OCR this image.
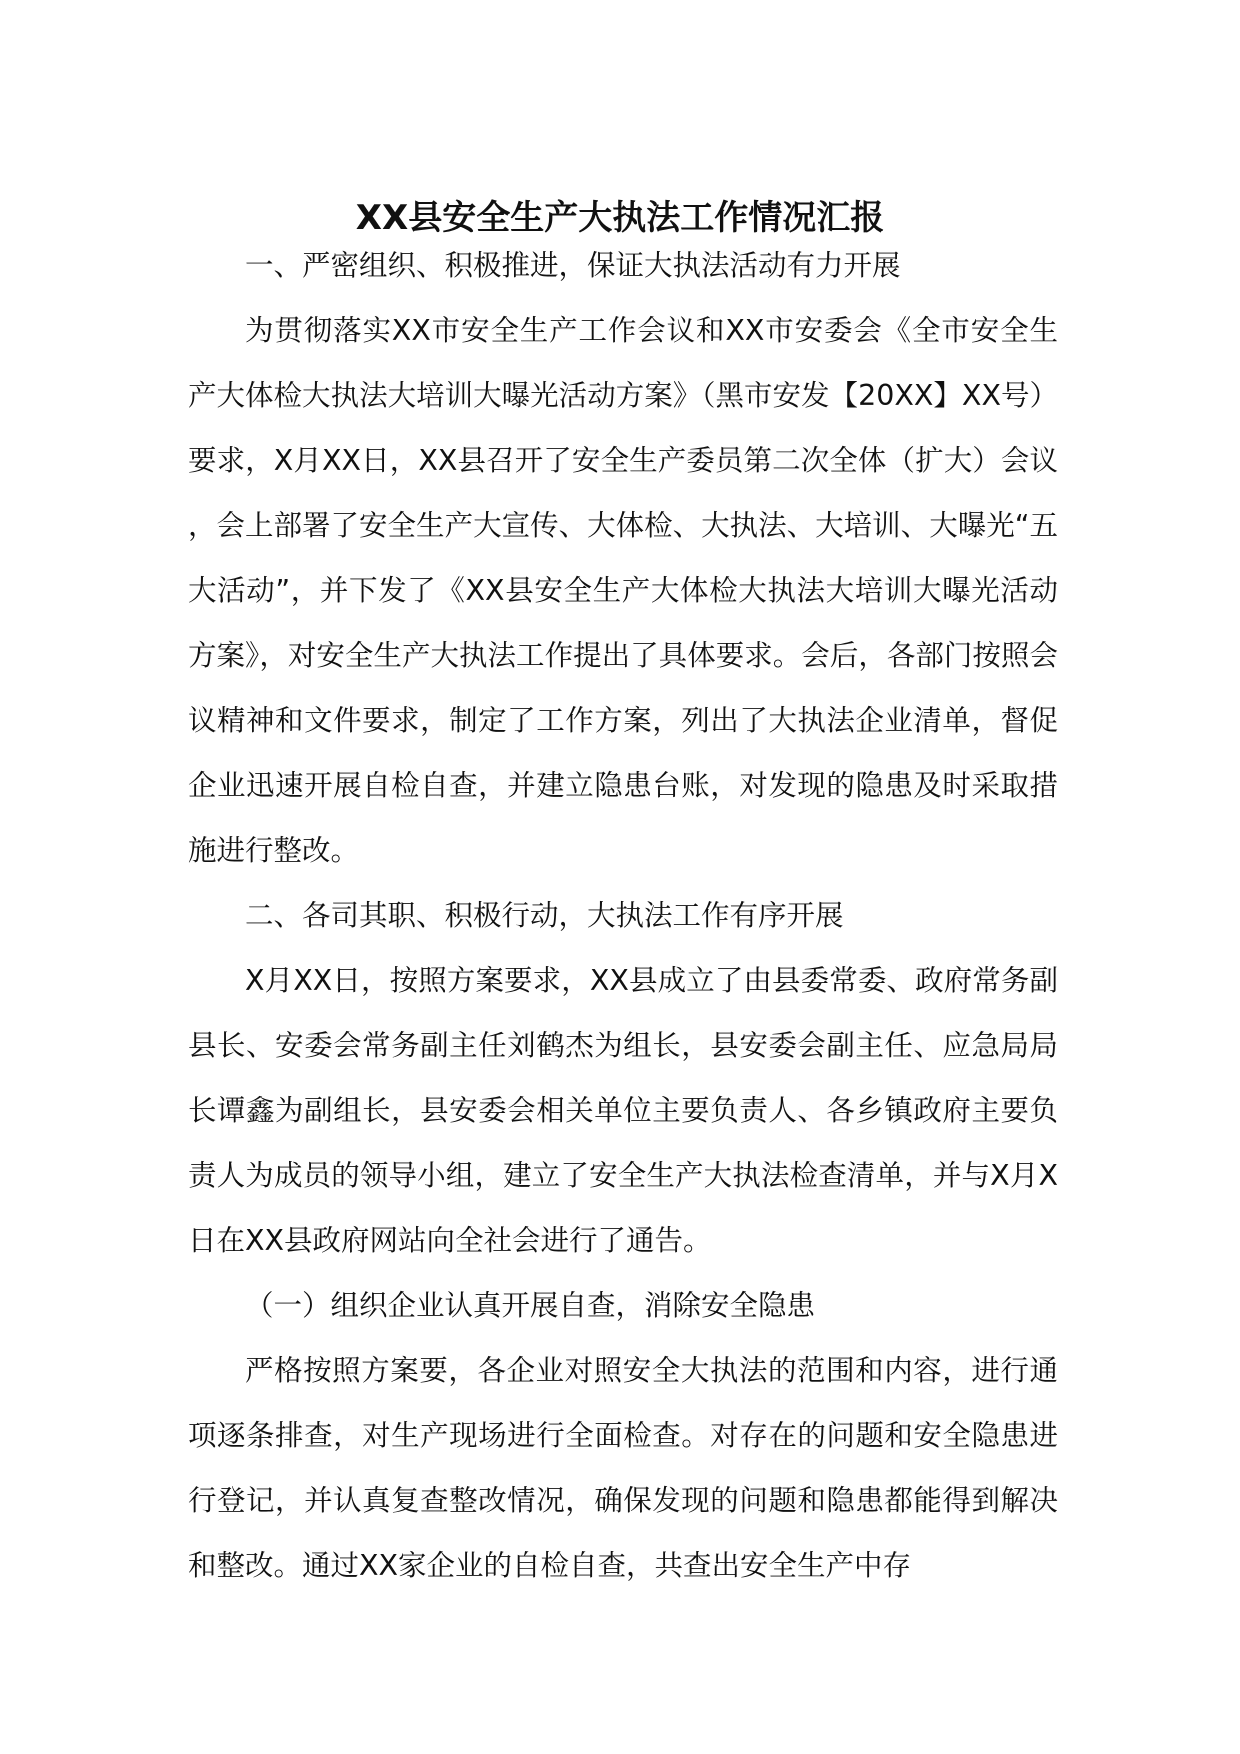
XX县安全生产大执法工作情况汇报

一、严密组织、积极推进，保证大执法活动有力开展

为贯彻落实XX市安全生产工作会议和XX市安委会《全市安全生产大体检大执法大培训大曝光活动方案》（黑市安发【20XX】XX号）要求，X月XX日，XX县召开了安全生产委员第二次全体（扩大）会议，会上部署了安全生产大宣传、大体检、大执法、大培训、大曝光“五大活动”，并下发了《XX县安全生产大体检大执法大培训大曝光活动方案》，对安全生产大执法工作提出了具体要求。会后，各部门按照会议精神和文件要求，制定了工作方案，列出了大执法企业清单，督促企业迅速开展自检自查，并建立隐患台账，对发现的隐患及时采取措施进行整改。

二、各司其职、积极行动，大执法工作有序开展

X月XX日，按照方案要求，XX县成立了由县委常委、政府常务副县长、安委会常务副主任刘鹤杰为组长，县安委会副主任、应急局局长谭鑫为副组长，县安委会相关单位主要负责人、各乡镇政府主要负责人为成员的领导小组，建立了安全生产大执法检查清单，并与X月X日在XX县政府网站向全社会进行了通告。

（一）组织企业认真开展自查，消除安全隐患

严格按照方案要，各企业对照安全大执法的范围和内容，进行通项逐条排查，对生产现场进行全面检查。对存在的问题和安全隐患进行登记，并认真复查整改情况，确保发现的问题和隐患都能得到解决和整改。通过XX家企业的自检自查，共查出安全生产中存
